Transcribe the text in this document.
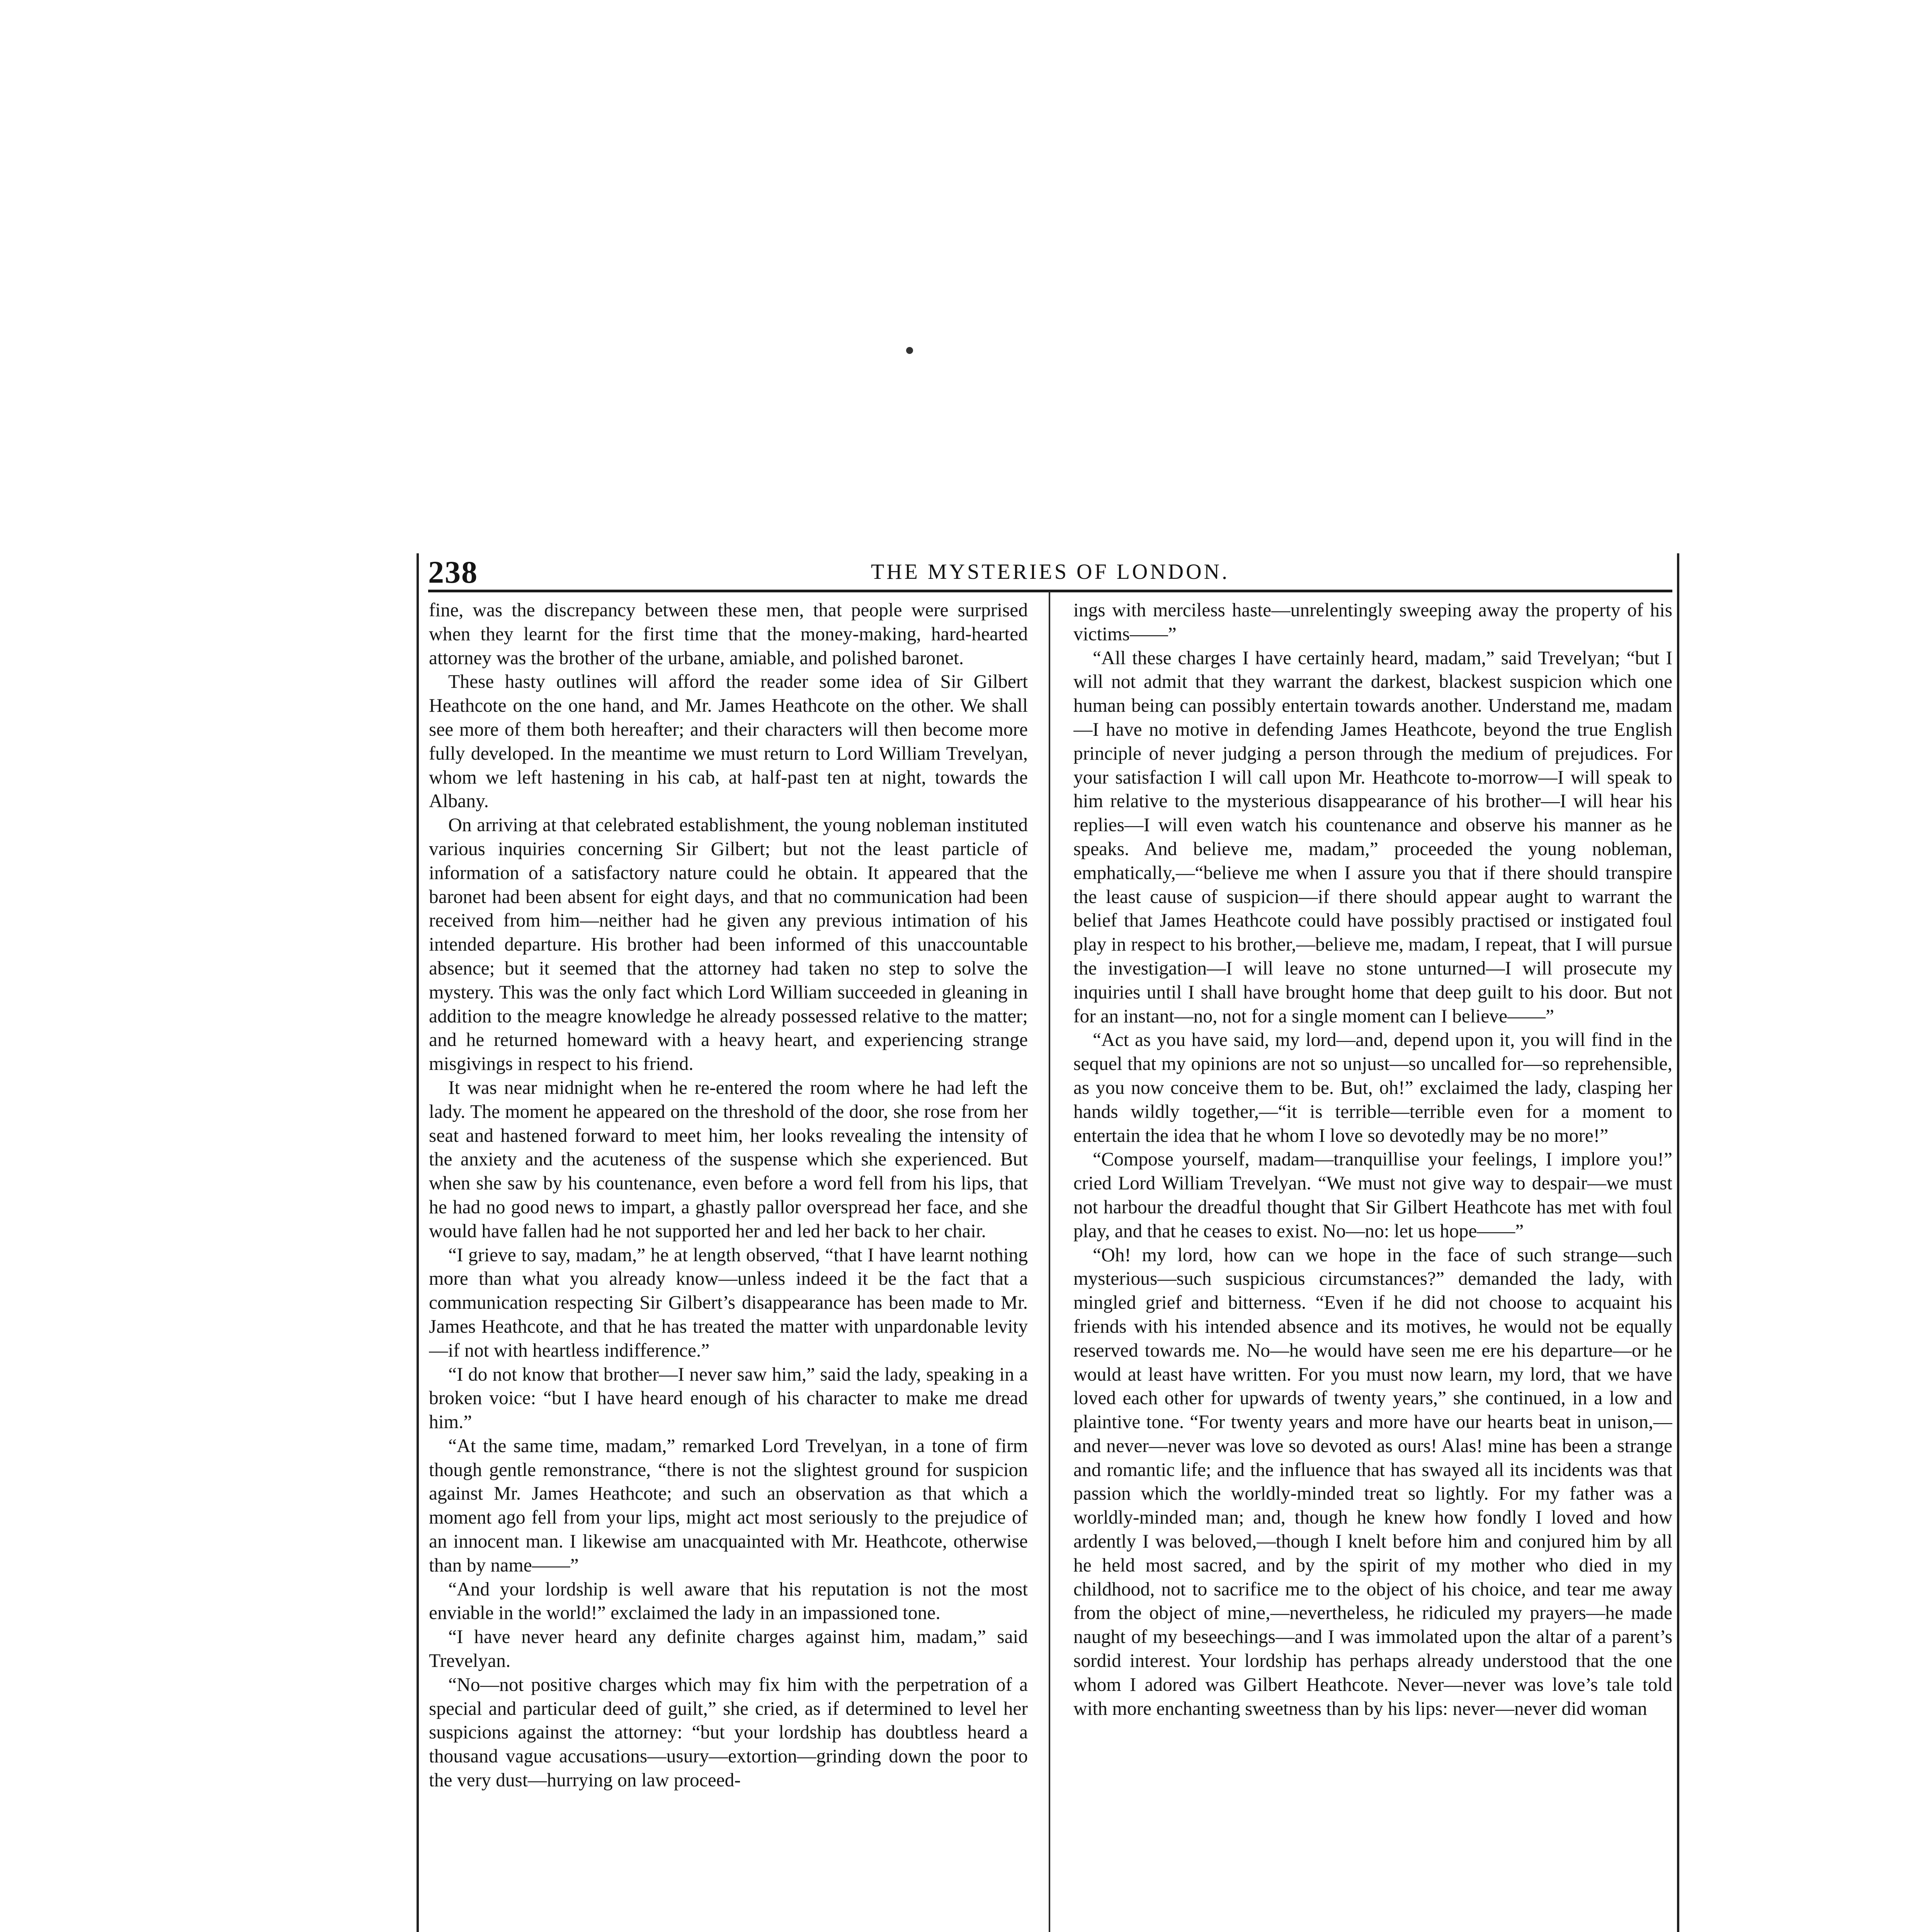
238	THE MYSTERIES OF LONDON.

fine, was the discrepancy between these men, that people were surprised when they learnt for the first time that the money-making, hard-hearted attorney was the brother of the urbane, amiable, and polished baronet.

These hasty outlines will afford the reader some idea of Sir Gilbert Heathcote on the one hand, and Mr. James Heathcote on the other. We shall see more of them both hereafter; and their characters will then become more fully developed. In the meantime we must return to Lord William Trevelyan, whom we left hastening in his cab, at half-past ten at night, towards the Albany.

On arriving at that celebrated establishment, the young nobleman instituted various inquiries concerning Sir Gilbert; but not the least particle of information of a satisfactory nature could he obtain. It appeared that the baronet had been absent for eight days, and that no communication had been received from him—neither had he given any previous intimation of his intended departure. His brother had been informed of this unaccountable absence; but it seemed that the attorney had taken no step to solve the mystery. This was the only fact which Lord William succeeded in gleaning in addition to the meagre knowledge he already possessed relative to the matter; and he returned homeward with a heavy heart, and experiencing strange misgivings in respect to his friend.

It was near midnight when he re-entered the room where he had left the lady. The moment he appeared on the threshold of the door, she rose from her seat and hastened forward to meet him, her looks revealing the intensity of the anxiety and the acuteness of the suspense which she experienced. But when she saw by his countenance, even before a word fell from his lips, that he had no good news to impart, a ghastly pallor overspread her face, and she would have fallen had he not supported her and led her back to her chair.

“I grieve to say, madam,” he at length observed, “that I have learnt nothing more than what you already know—unless indeed it be the fact that a communication respecting Sir Gilbert’s disappearance has been made to Mr. James Heathcote, and that he has treated the matter with unpardonable levity—if not with heartless indifference.”

“I do not know that brother—I never saw him,” said the lady, speaking in a broken voice: “but I have heard enough of his character to make me dread him.”

“At the same time, madam,” remarked Lord Trevelyan, in a tone of firm though gentle remonstrance, “there is not the slightest ground for suspicion against Mr. James Heathcote; and such an observation as that which a moment ago fell from your lips, might act most seriously to the prejudice of an innocent man. I likewise am unacquainted with Mr. Heathcote, otherwise than by name——”

“And your lordship is well aware that his reputation is not the most enviable in the world!” exclaimed the lady in an impassioned tone.

“I have never heard any definite charges against him, madam,” said Trevelyan.

“No—not positive charges which may fix him with the perpetration of a special and particular deed of guilt,” she cried, as if determined to level her suspicions against the attorney: “but your lordship has doubtless heard a thousand vague accusations—usury—extortion—grinding down the poor to the very dust—hurrying on law proceed-

ings with merciless haste—unrelentingly sweeping away the property of his victims——”

“All these charges I have certainly heard, madam,” said Trevelyan; “but I will not admit that they warrant the darkest, blackest suspicion which one human being can possibly entertain towards another. Understand me, madam—I have no motive in defending James Heathcote, beyond the true English principle of never judging a person through the medium of prejudices. For your satisfaction I will call upon Mr. Heathcote to-morrow—I will speak to him relative to the mysterious disappearance of his brother—I will hear his replies—I will even watch his countenance and observe his manner as he speaks. And believe me, madam,” proceeded the young nobleman, emphatically,—“believe me when I assure you that if there should transpire the least cause of suspicion—if there should appear aught to warrant the belief that James Heathcote could have possibly practised or instigated foul play in respect to his brother,—believe me, madam, I repeat, that I will pursue the investigation—I will leave no stone unturned—I will prosecute my inquiries until I shall have brought home that deep guilt to his door. But not for an instant—no, not for a single moment can I believe——”

“Act as you have said, my lord—and, depend upon it, you will find in the sequel that my opinions are not so unjust—so uncalled for—so reprehensible, as you now conceive them to be. But, oh!” exclaimed the lady, clasping her hands wildly together,—“it is terrible—terrible even for a moment to entertain the idea that he whom I love so devotedly may be no more!”

“Compose yourself, madam—tranquillise your feelings, I implore you!” cried Lord William Trevelyan. “We must not give way to despair—we must not harbour the dreadful thought that Sir Gilbert Heathcote has met with foul play, and that he ceases to exist. No—no: let us hope——”

“Oh! my lord, how can we hope in the face of such strange—such mysterious—such suspicious circumstances?” demanded the lady, with mingled grief and bitterness. “Even if he did not choose to acquaint his friends with his intended absence and its motives, he would not be equally reserved towards me. No—he would have seen me ere his departure—or he would at least have written. For you must now learn, my lord, that we have loved each other for upwards of twenty years,” she continued, in a low and plaintive tone. “For twenty years and more have our hearts beat in unison,—and never—never was love so devoted as ours! Alas! mine has been a strange and romantic life; and the influence that has swayed all its incidents was that passion which the worldly-minded treat so lightly. For my father was a worldly-minded man; and, though he knew how fondly I loved and how ardently I was beloved,—though I knelt before him and conjured him by all he held most sacred, and by the spirit of my mother who died in my childhood, not to sacrifice me to the object of his choice, and tear me away from the object of mine,—nevertheless, he ridiculed my prayers—he made naught of my beseechings—and I was immolated upon the altar of a parent’s sordid interest. Your lordship has perhaps already understood that the one whom I adored was Gilbert Heathcote. Never—never was love’s tale told with more enchanting sweetness than by his lips: never—never did woman
